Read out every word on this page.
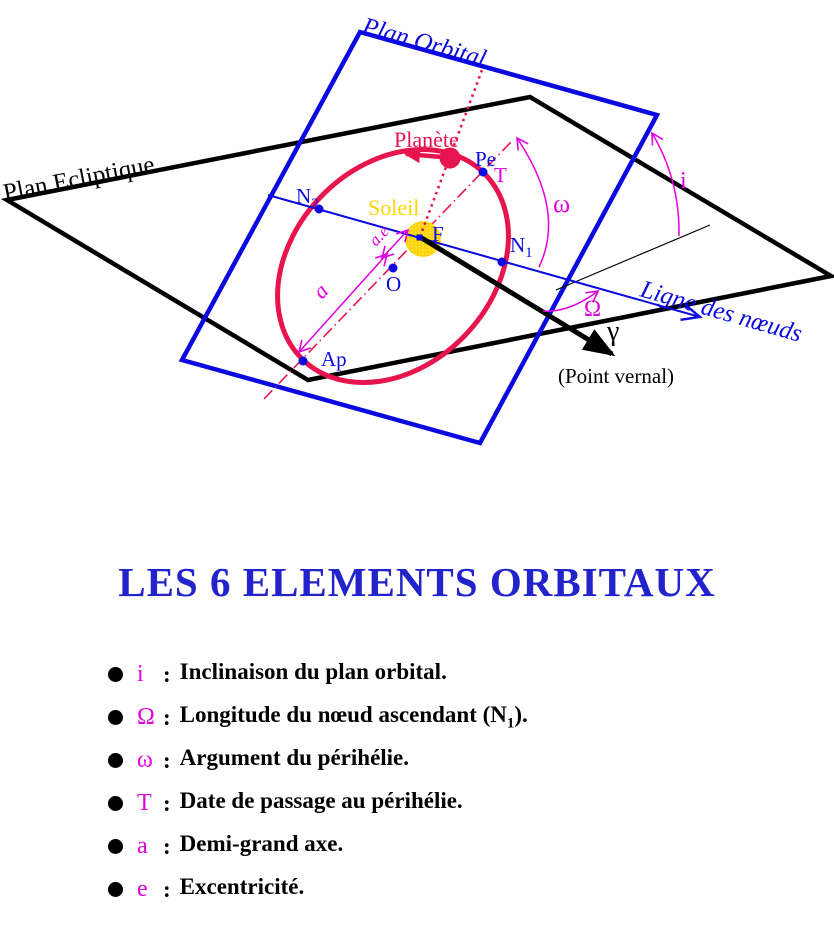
Plan Ecliptique
Plan Orbital
Ligne des nœuds
Planète
Soleil
Pe
T
F
O
Ap
$N_2$
$N_1$
ω
i
Ω
a
a.e
γ
(Point vernal)
LES 6 ELEMENTS ORBITAUX
i : Inclinaison du plan orbital.
Ω : Longitude du nœud ascendant $(N_1)$.
ω : Argument du périhélie.
T : Date de passage au périhélie.
a : Demi-grand axe.
e : Excentricité.
